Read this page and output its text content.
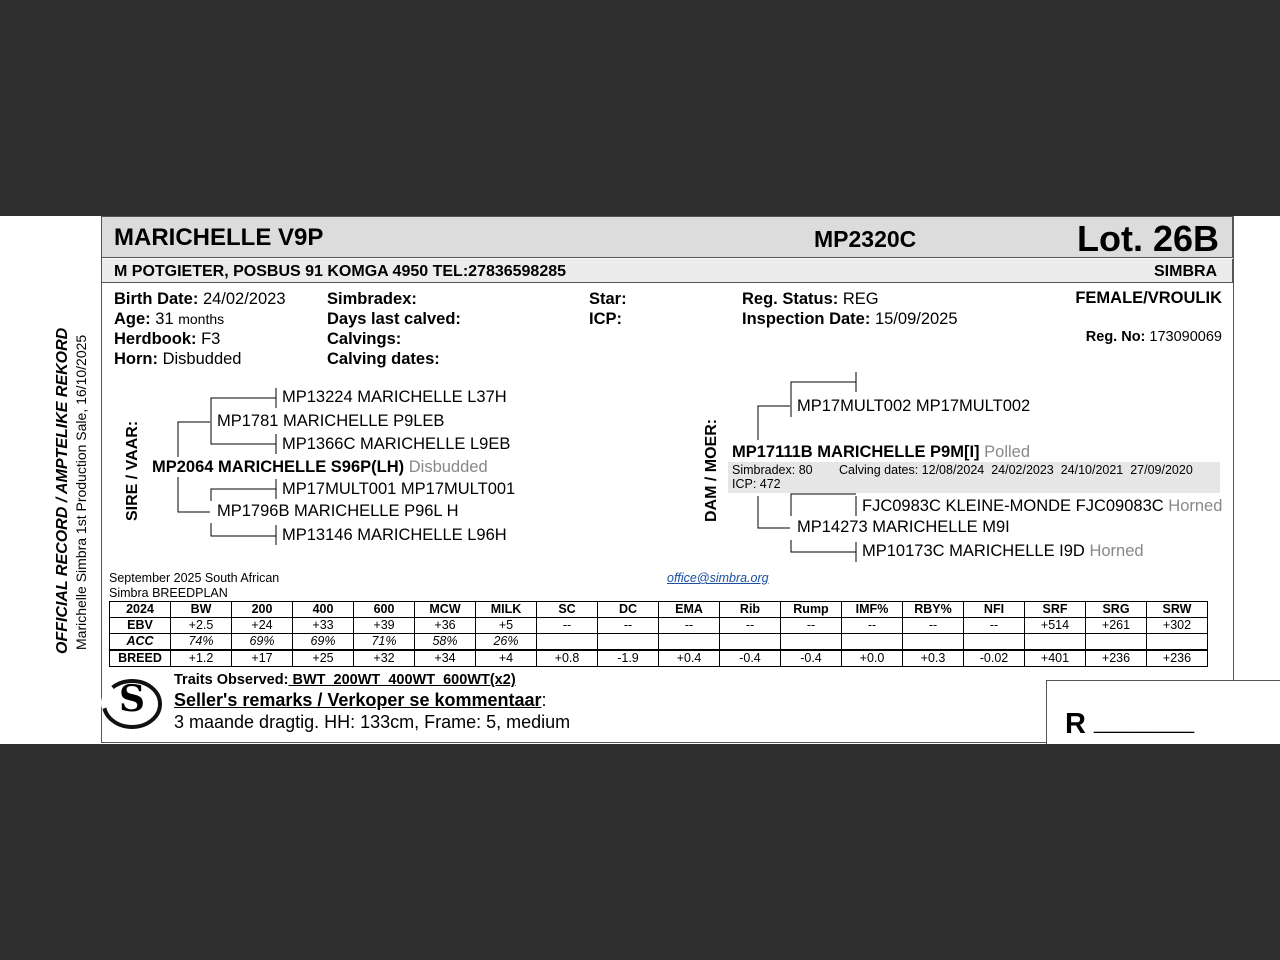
MARICHELLE V9P	MP2320C	Lot. 26B
M POTGIETER, POSBUS 91 KOMGA 4950 TEL:27836598285	SIMBRA
Birth Date: 24/02/2023
Age: 31 months
Herdbook: F3
Horn: Disbudded
Simbradex:
Days last calved:
Calvings:
Calving dates:
Star:
ICP:
Reg. Status: REG
Inspection Date: 15/09/2025
FEMALE/VROULIK
Reg. No: 173090069
OFFICIAL RECORD / AMPTELIKE REKORD Marichelle Simbra 1st Production Sale, 16/10/2025 SIRE / VAAR:	DAM / MOER:
MP13224 MARICHELLE L37H
MP1781 MARICHELLE P9LEB
MP1366C MARICHELLE L9EB
MP2064 MARICHELLE S96P(LH) Disbudded
MP17MULT001 MP17MULT001
MP1796B MARICHELLE P96L H
MP13146 MARICHELLE L96H
MP17MULT002 MP17MULT002
MP17111B MARICHELLE P9M[I] Polled
Simbradex: 80 Calving dates: 12/08/2024  24/02/2023  24/10/2021  27/09/2020
ICP: 472
FJC0983C KLEINE-MONDE FJC09083C Horned
MP14273 MARICHELLE M9I
MP10173C MARICHELLE I9D Horned
September 2025 South African
Simbra BREEDPLAN
office@simbra.org
2024	BW	200	400	600	MCW	MILK	SC	DC	EMA	Rib	Rump	IMF%	RBY%	NFI	SRF	SRG	SRW
EBV	+2.5	+24	+33	+39	+36	+5	--	--	--	--	--	--	--	--	+514	+261	+302
ACC	74%	69%	69%	71%	58%	26%											
BREED	+1.2	+17	+25	+32	+34	+4	+0.8	-1.9	+0.4	-0.4	-0.4	+0.0	+0.3	-0.02	+401	+236	+236
S Traits Observed: BWT  200WT  400WT  600WT(x2)
Seller's remarks / Verkoper se kommentaar:
3 maande dragtig. HH: 133cm, Frame: 5, medium	R _________
